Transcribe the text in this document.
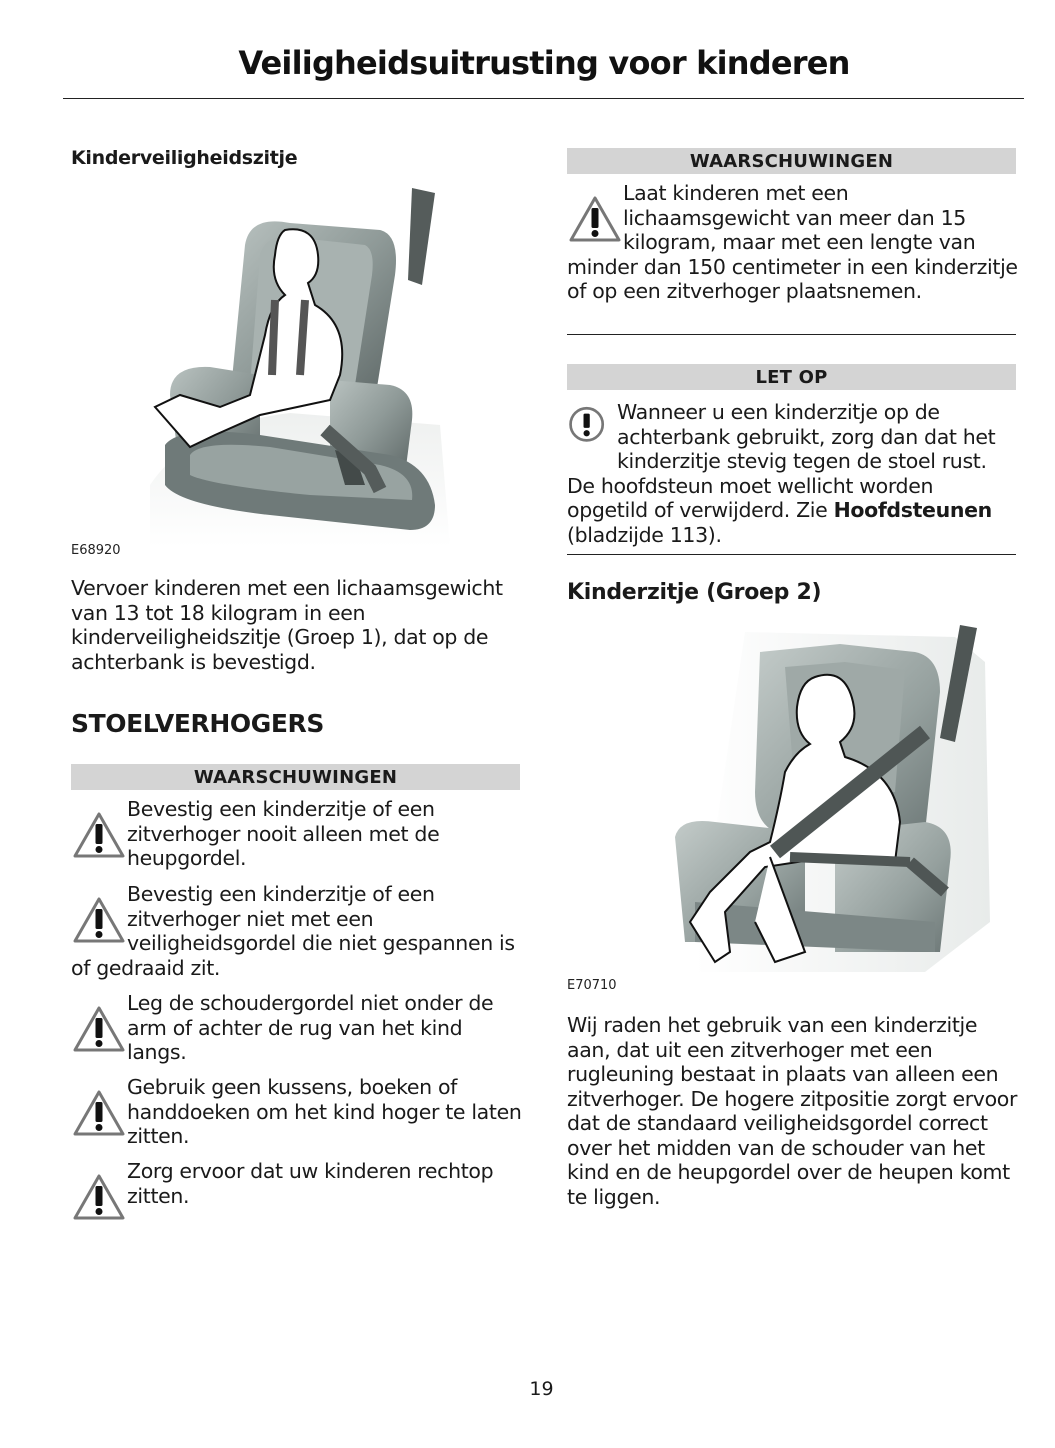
Veiligheidsuitrusting voor kinderen
Kinderveiligheidszitje
E68920

Vervoer kinderen met een lichaamsgewicht van 13 tot 18 kilogram in een kinderveiligheidszitje (Groep 1), dat op de achterbank is bevestigd.

STOELVERHOGERS
WAARSCHUWINGEN
Bevestig een kinderzitje of een zitverhoger nooit alleen met de heupgordel.
Bevestig een kinderzitje of een zitverhoger niet met een veiligheidsgordel die niet gespannen is of gedraaid zit.
Leg de schoudergordel niet onder de arm of achter de rug van het kind langs.
Gebruik geen kussens, boeken of handdoeken om het kind hoger te laten zitten.
Zorg ervoor dat uw kinderen rechtop zitten.
WAARSCHUWINGEN
Laat kinderen met een lichaamsgewicht van meer dan 15 kilogram, maar met een lengte van minder dan 150 centimeter in een kinderzitje of op een zitverhoger plaatsnemen.
LET OP
Wanneer u een kinderzitje op de achterbank gebruikt, zorg dan dat het kinderzitje stevig tegen de stoel rust. De hoofdsteun moet wellicht worden opgetild of verwijderd. Zie Hoofdsteunen (bladzijde 113).
Kinderzitje (Groep 2)
E70710

Wij raden het gebruik van een kinderzitje aan, dat uit een zitverhoger met een rugleuning bestaat in plaats van alleen een zitverhoger. De hogere zitpositie zorgt ervoor dat de standaard veiligheidsgordel correct over het midden van de schouder van het kind en de heupgordel over de heupen komt te liggen.

19
